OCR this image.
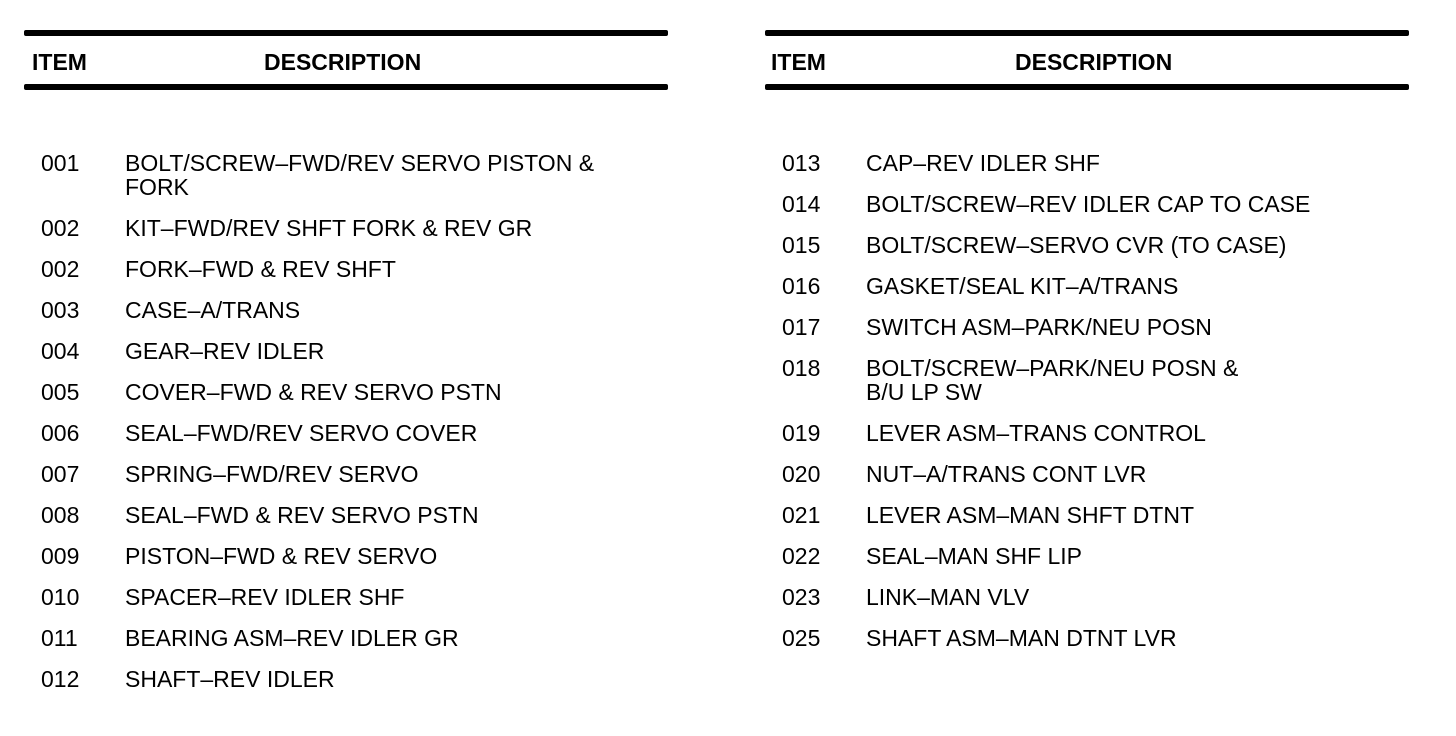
ITEM	DESCRIPTION
001 BOLT/SCREW–FWD/REV SERVO PISTON &
FORK
002 KIT–FWD/REV SHFT FORK & REV GR
002 FORK–FWD & REV SHFT
003 CASE–A/TRANS
004 GEAR–REV IDLER
005 COVER–FWD & REV SERVO PSTN
006 SEAL–FWD/REV SERVO COVER
007 SPRING–FWD/REV SERVO
008 SEAL–FWD & REV SERVO PSTN
009 PISTON–FWD & REV SERVO
010 SPACER–REV IDLER SHF
011 BEARING ASM–REV IDLER GR
012 SHAFT–REV IDLER
ITEM	DESCRIPTION
013 CAP–REV IDLER SHF
014 BOLT/SCREW–REV IDLER CAP TO CASE
015 BOLT/SCREW–SERVO CVR (TO CASE)
016 GASKET/SEAL KIT–A/TRANS
017 SWITCH ASM–PARK/NEU POSN
018 BOLT/SCREW–PARK/NEU POSN &
B/U LP SW
019 LEVER ASM–TRANS CONTROL
020 NUT–A/TRANS CONT LVR
021 LEVER ASM–MAN SHFT DTNT
022 SEAL–MAN SHF LIP
023 LINK–MAN VLV
025 SHAFT ASM–MAN DTNT LVR
